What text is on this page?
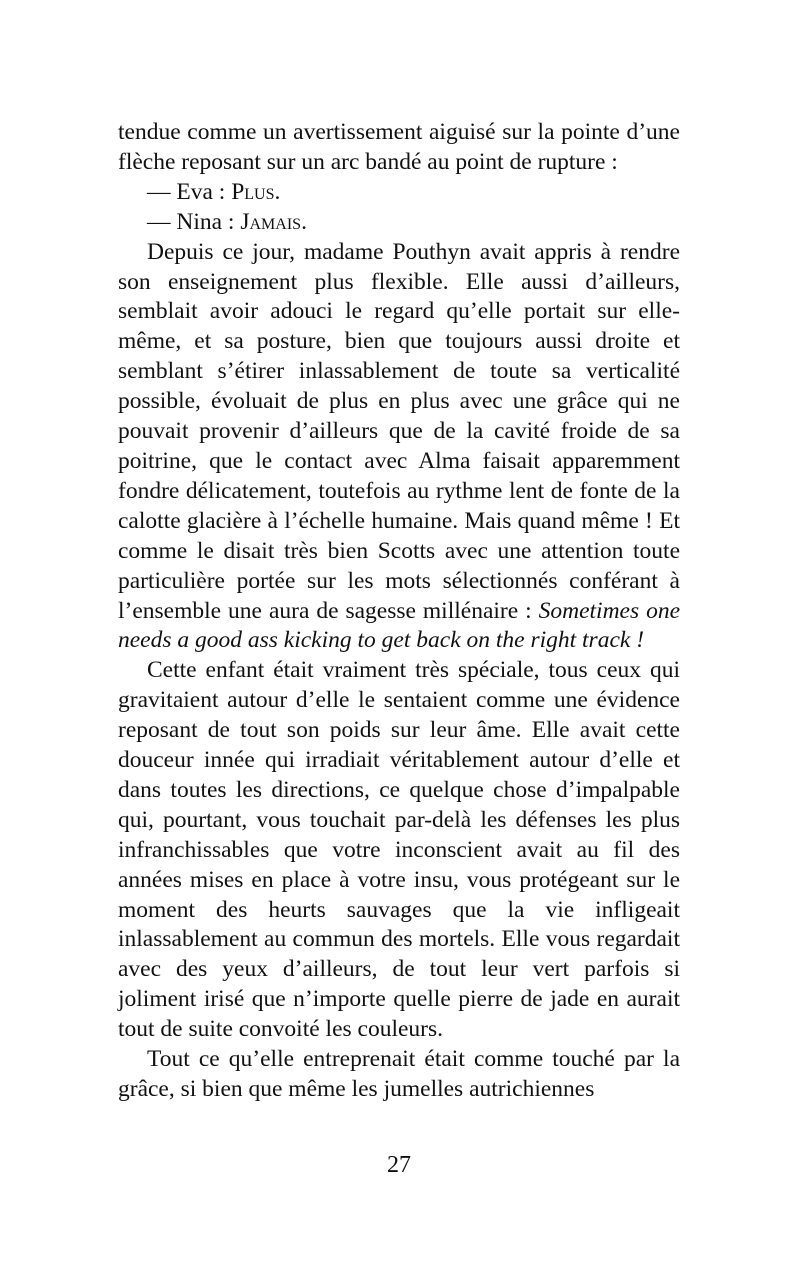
tendue comme un avertissement aiguisé sur la pointe d’une flèche reposant sur un arc bandé au point de rupture :

— Eva : Plus.

— Nina : Jamais.

Depuis ce jour, madame Pouthyn avait appris à rendre son enseignement plus flexible. Elle aussi d’ailleurs, semblait avoir adouci le regard qu’elle portait sur elle-même, et sa posture, bien que toujours aussi droite et semblant s’étirer inlassablement de toute sa verticalité possible, évoluait de plus en plus avec une grâce qui ne pouvait provenir d’ailleurs que de la cavité froide de sa poitrine, que le contact avec Alma faisait apparemment fondre délicatement, toutefois au rythme lent de fonte de la calotte glacière à l’échelle humaine. Mais quand même ! Et comme le disait très bien Scotts avec une attention toute particulière portée sur les mots sélectionnés conférant à l’ensemble une aura de sagesse millénaire : Sometimes one needs a good ass kicking to get back on the right track !

Cette enfant était vraiment très spéciale, tous ceux qui gravitaient autour d’elle le sentaient comme une évidence reposant de tout son poids sur leur âme. Elle avait cette douceur innée qui irradiait véritablement autour d’elle et dans toutes les directions, ce quelque chose d’impalpable qui, pourtant, vous touchait par-delà les défenses les plus infranchissables que votre inconscient avait au fil des années mises en place à votre insu, vous protégeant sur le moment des heurts sauvages que la vie infligeait inlassablement au commun des mortels. Elle vous regardait avec des yeux d’ailleurs, de tout leur vert parfois si joliment irisé que n’importe quelle pierre de jade en aurait tout de suite convoité les couleurs.

Tout ce qu’elle entreprenait était comme touché par la grâce, si bien que même les jumelles autrichiennes

27
